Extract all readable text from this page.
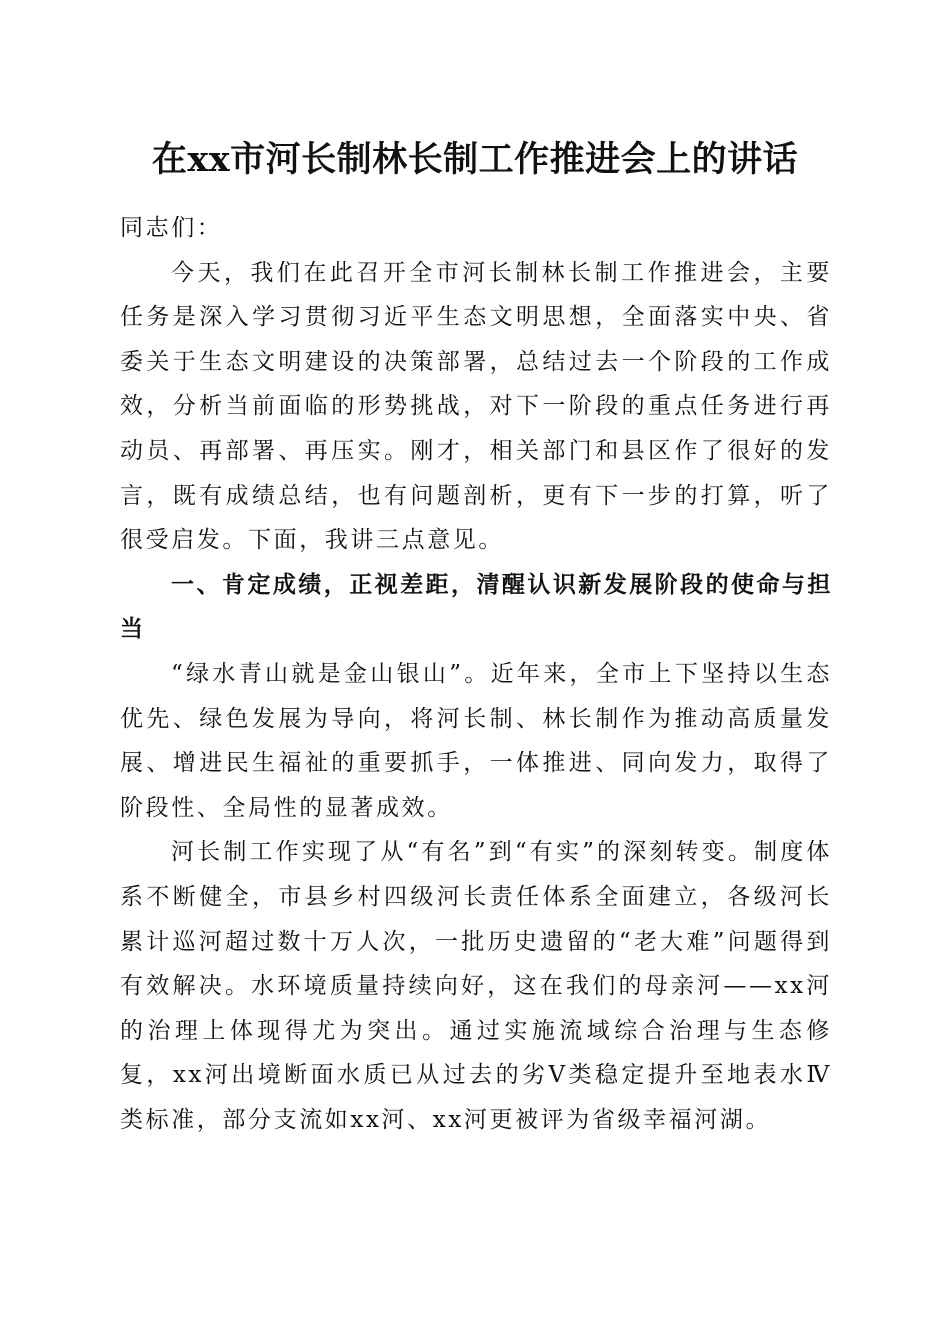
在xx市河长制林长制工作推进会上的讲话

同志们：

今天，我们在此召开全市河长制林长制工作推进会，主要任务是深入学习贯彻习近平生态文明思想，全面落实中央、省委关于生态文明建设的决策部署，总结过去一个阶段的工作成效，分析当前面临的形势挑战，对下一阶段的重点任务进行再动员、再部署、再压实。刚才，相关部门和县区作了很好的发言，既有成绩总结，也有问题剖析，更有下一步的打算，听了很受启发。下面，我讲三点意见。

一、肯定成绩，正视差距，清醒认识新发展阶段的使命与担当

“绿水青山就是金山银山”。近年来，全市上下坚持以生态优先、绿色发展为导向，将河长制、林长制作为推动高质量发展、增进民生福祉的重要抓手，一体推进、同向发力，取得了阶段性、全局性的显著成效。

河长制工作实现了从“有名”到“有实”的深刻转变。制度体系不断健全，市县乡村四级河长责任体系全面建立，各级河长累计巡河超过数十万人次，一批历史遗留的“老大难”问题得到有效解决。水环境质量持续向好，这在我们的母亲河——xx河的治理上体现得尤为突出。通过实施流域综合治理与生态修复，xx河出境断面水质已从过去的劣Ⅴ类稳定提升至地表水Ⅳ类标准，部分支流如xx河、xx河更被评为省级幸福河湖。
